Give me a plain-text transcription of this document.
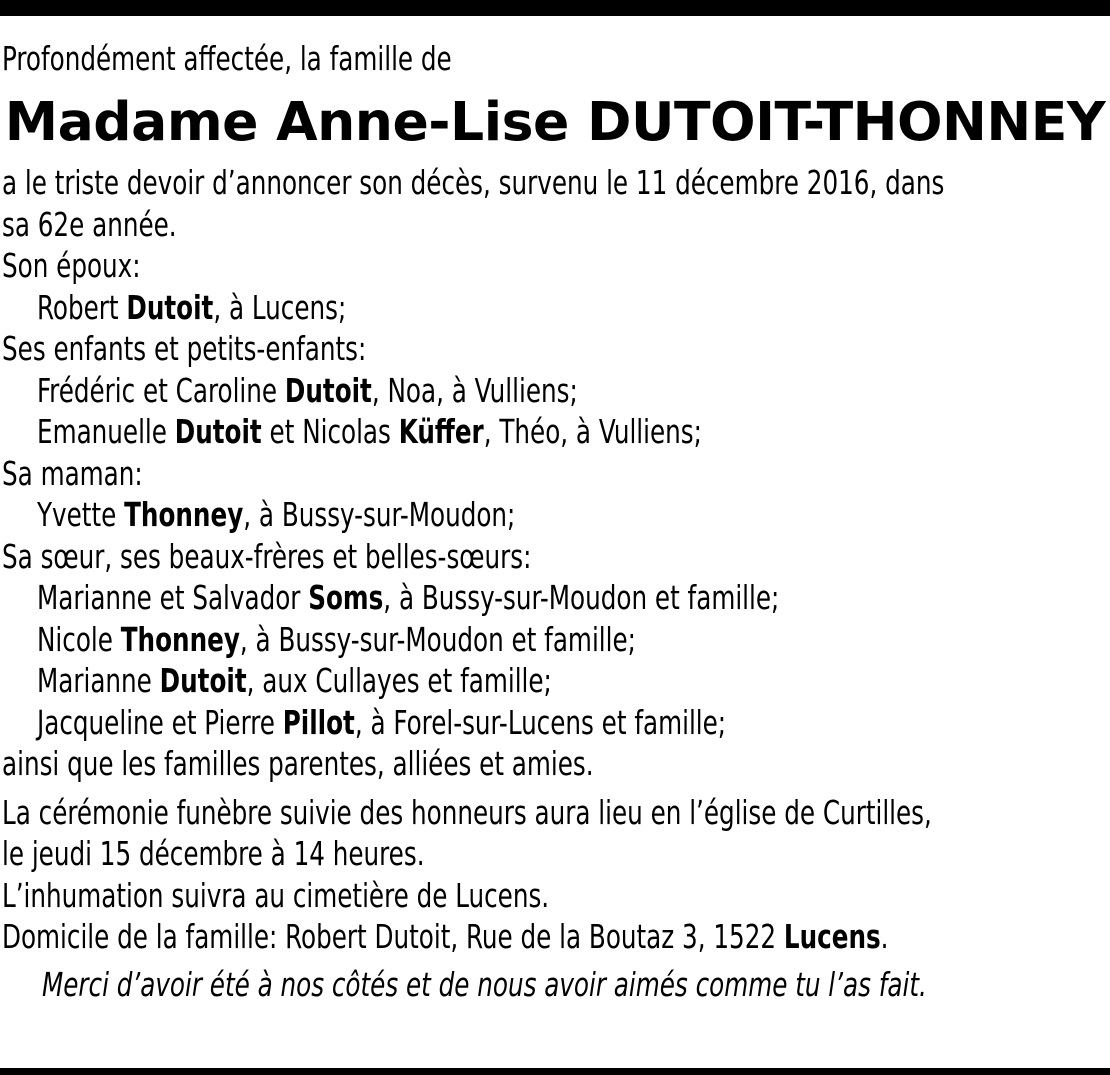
Profondément affectée, la famille de
Madame Anne-Lise DUTOIT-THONNEY
a le triste devoir d’annoncer son décès, survenu le 11 décembre 2016, dans
sa 62e année.
Son époux:
Robert Dutoit, à Lucens;
Ses enfants et petits-enfants:
Frédéric et Caroline Dutoit, Noa, à Vulliens;
Emanuelle Dutoit et Nicolas Küffer, Théo, à Vulliens;
Sa maman:
Yvette Thonney, à Bussy-sur-Moudon;
Sa sœur, ses beaux-frères et belles-sœurs:
Marianne et Salvador Soms, à Bussy-sur-Moudon et famille;
Nicole Thonney, à Bussy-sur-Moudon et famille;
Marianne Dutoit, aux Cullayes et famille;
Jacqueline et Pierre Pillot, à Forel-sur-Lucens et famille;
ainsi que les familles parentes, alliées et amies.
La cérémonie funèbre suivie des honneurs aura lieu en l’église de Curtilles,
le jeudi 15 décembre à 14 heures.
L’inhumation suivra au cimetière de Lucens.
Domicile de la famille: Robert Dutoit, Rue de la Boutaz 3, 1522 Lucens.
Merci d’avoir été à nos côtés et de nous avoir aimés comme tu l’as fait.
